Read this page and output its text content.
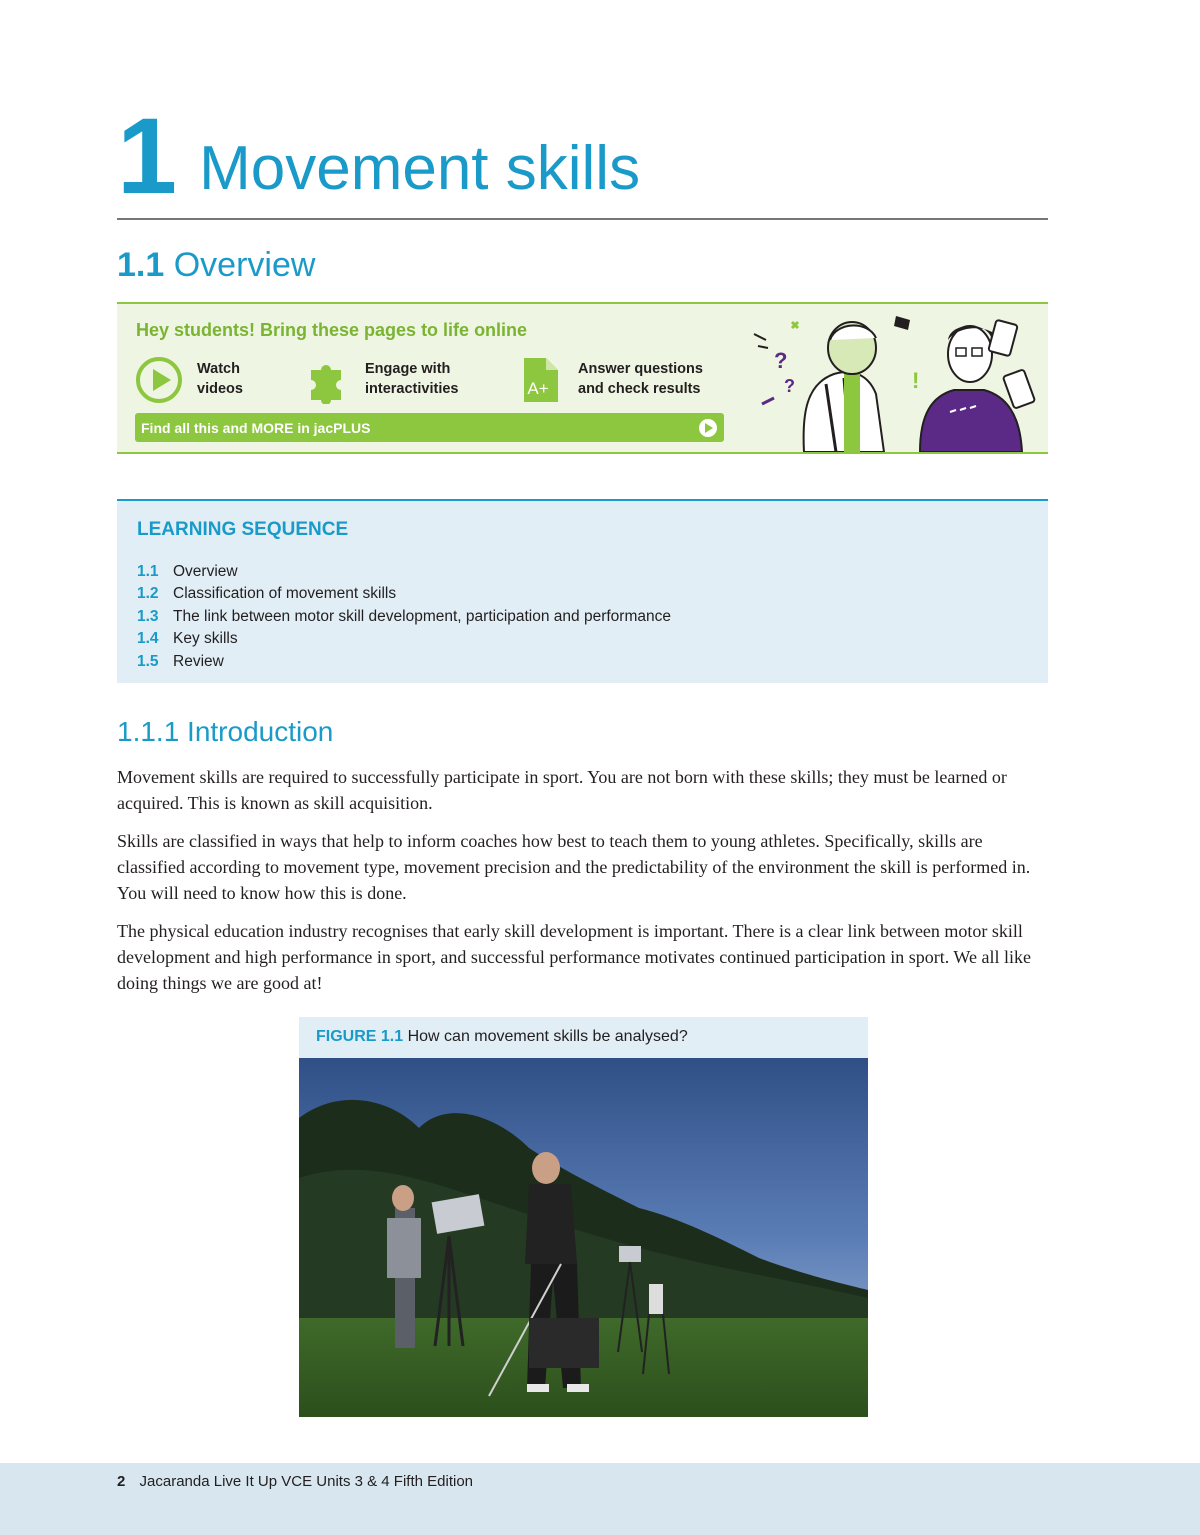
1 Movement skills
1.1 Overview
Hey students! Bring these pages to life online
Watch
videos
Engage with
interactivities	A+
Answer questions
and check results
Find all this and MORE in jacPLUS
?
?	!
LEARNING SEQUENCE
1.1 Overview
1.2 Classification of movement skills
1.3 The link between motor skill development, participation and performance
1.4 Key skills
1.5 Review
1.1.1 Introduction

Movement skills are required to successfully participate in sport. You are not born with these skills; they must be learned or acquired. This is known as skill acquisition.

Skills are classified in ways that help to inform coaches how best to teach them to young athletes. Specifically, skills are classified according to movement type, movement precision and the predictability of the environment the skill is performed in. You will need to know how this is done.

The physical education industry recognises that early skill development is important. There is a clear link between motor skill development and high performance in sport, and successful performance motivates continued participation in sport. We all like doing things we are good at!

FIGURE 1.1 How can movement skills be analysed?
2 Jacaranda Live It Up VCE Units 3 & 4 Fifth Edition
